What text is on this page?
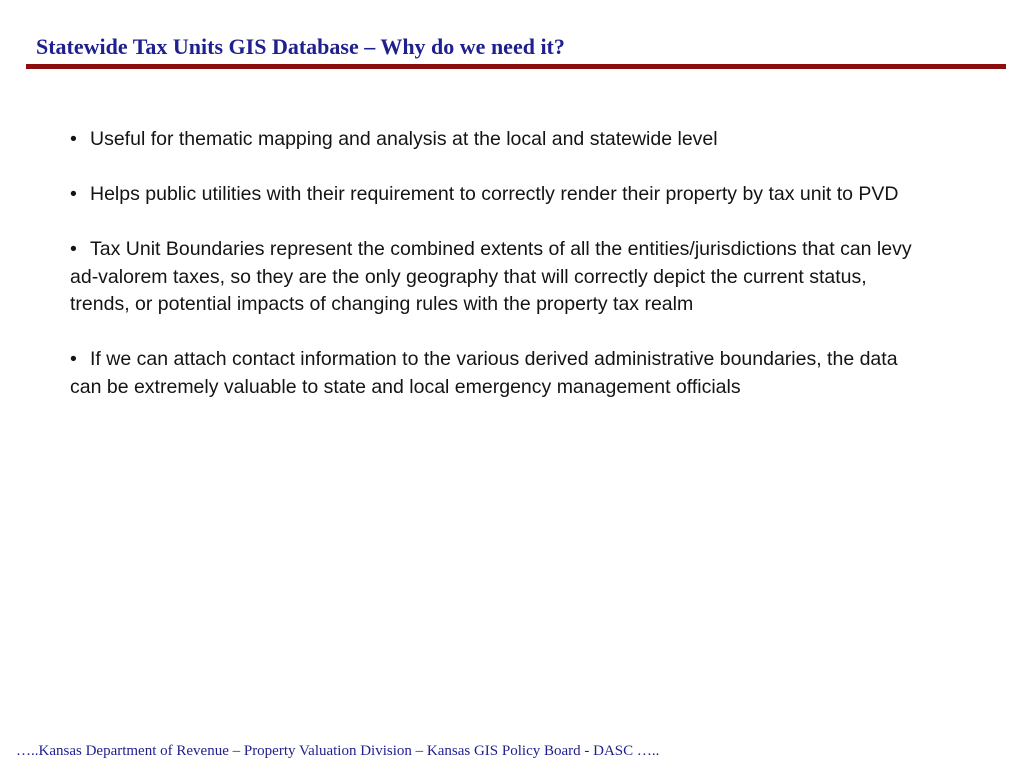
Statewide Tax Units GIS Database – Why do we need it?
• Useful for thematic mapping and analysis at the local and statewide level
• Helps public utilities with their requirement to correctly render their property by tax unit to PVD
• Tax Unit Boundaries represent the combined extents of all the entities/jurisdictions that can levy ad-valorem taxes, so they are the only geography that will correctly depict the current status, trends, or potential impacts of changing rules with the property tax realm
• If we can attach contact information to the various derived administrative boundaries, the data can be extremely valuable to state and local emergency management officials
…..Kansas Department of Revenue – Property Valuation Division – Kansas GIS Policy Board - DASC …..
